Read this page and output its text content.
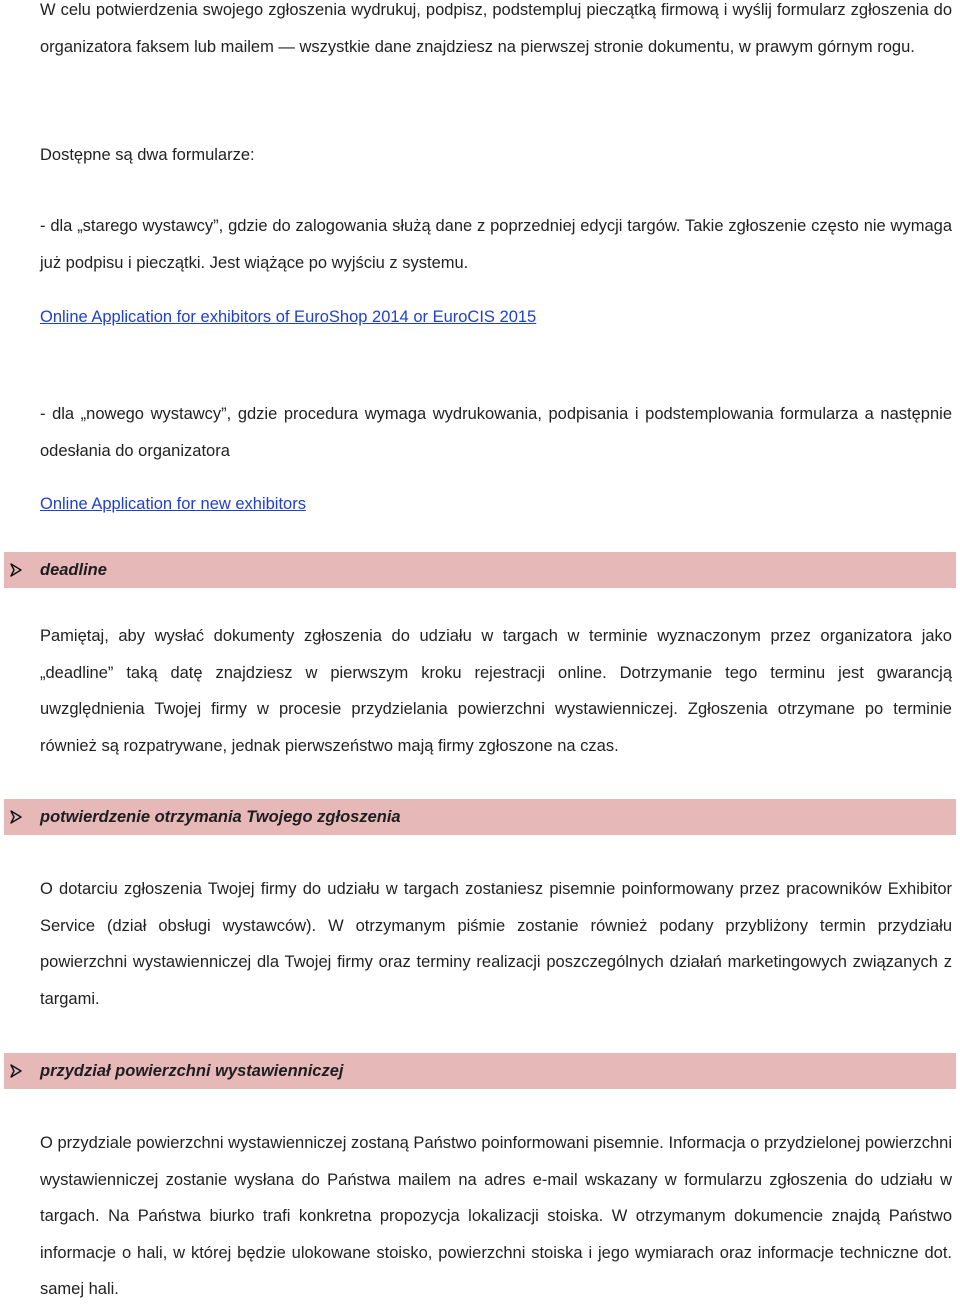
W celu potwierdzenia swojego zgłoszenia wydrukuj, podpisz, podstempluj pieczątką firmową i wyślij formularz zgłoszenia do organizatora faksem lub mailem — wszystkie dane znajdziesz na pierwszej stronie dokumentu, w prawym górnym rogu.

Dostępne są dwa formularze:

- dla „starego wystawcy”, gdzie do zalogowania służą dane z poprzedniej edycji targów. Takie zgłoszenie często nie wymaga już podpisu i pieczątki. Jest wiążące po wyjściu z systemu.

Online Application for exhibitors of EuroShop 2014 or EuroCIS 2015

- dla „nowego wystawcy”, gdzie procedura wymaga wydrukowania, podpisania i podstemplowania formularza a następnie odesłania do organizatora

Online Application for new exhibitors
deadline

Pamiętaj, aby wysłać dokumenty zgłoszenia do udziału w targach w terminie wyznaczonym przez organizatora jako „deadline” taką datę znajdziesz w pierwszym kroku rejestracji online. Dotrzymanie tego terminu jest gwarancją uwzględnienia Twojej firmy w procesie przydzielania powierzchni wystawienniczej. Zgłoszenia otrzymane po terminie również są rozpatrywane, jednak pierwszeństwo mają firmy zgłoszone na czas.

potwierdzenie otrzymania Twojego zgłoszenia

O dotarciu zgłoszenia Twojej firmy do udziału w targach zostaniesz pisemnie poinformowany przez pracowników Exhibitor Service (dział obsługi wystawców). W otrzymanym piśmie zostanie również podany przybliżony termin przydziału powierzchni wystawienniczej dla Twojej firmy oraz terminy realizacji poszczególnych działań marketingowych związanych z targami.

przydział powierzchni wystawienniczej

O przydziale powierzchni wystawienniczej zostaną Państwo poinformowani pisemnie. Informacja o przydzielonej powierzchni wystawienniczej zostanie wysłana do Państwa mailem na adres e-mail wskazany w formularzu zgłoszenia do udziału w targach. Na Państwa biurko trafi konkretna propozycja lokalizacji stoiska. W otrzymanym dokumencie znajdą Państwo informacje o hali, w której będzie ulokowane stoisko, powierzchni stoiska i jego wymiarach oraz informacje techniczne dot. samej hali.
